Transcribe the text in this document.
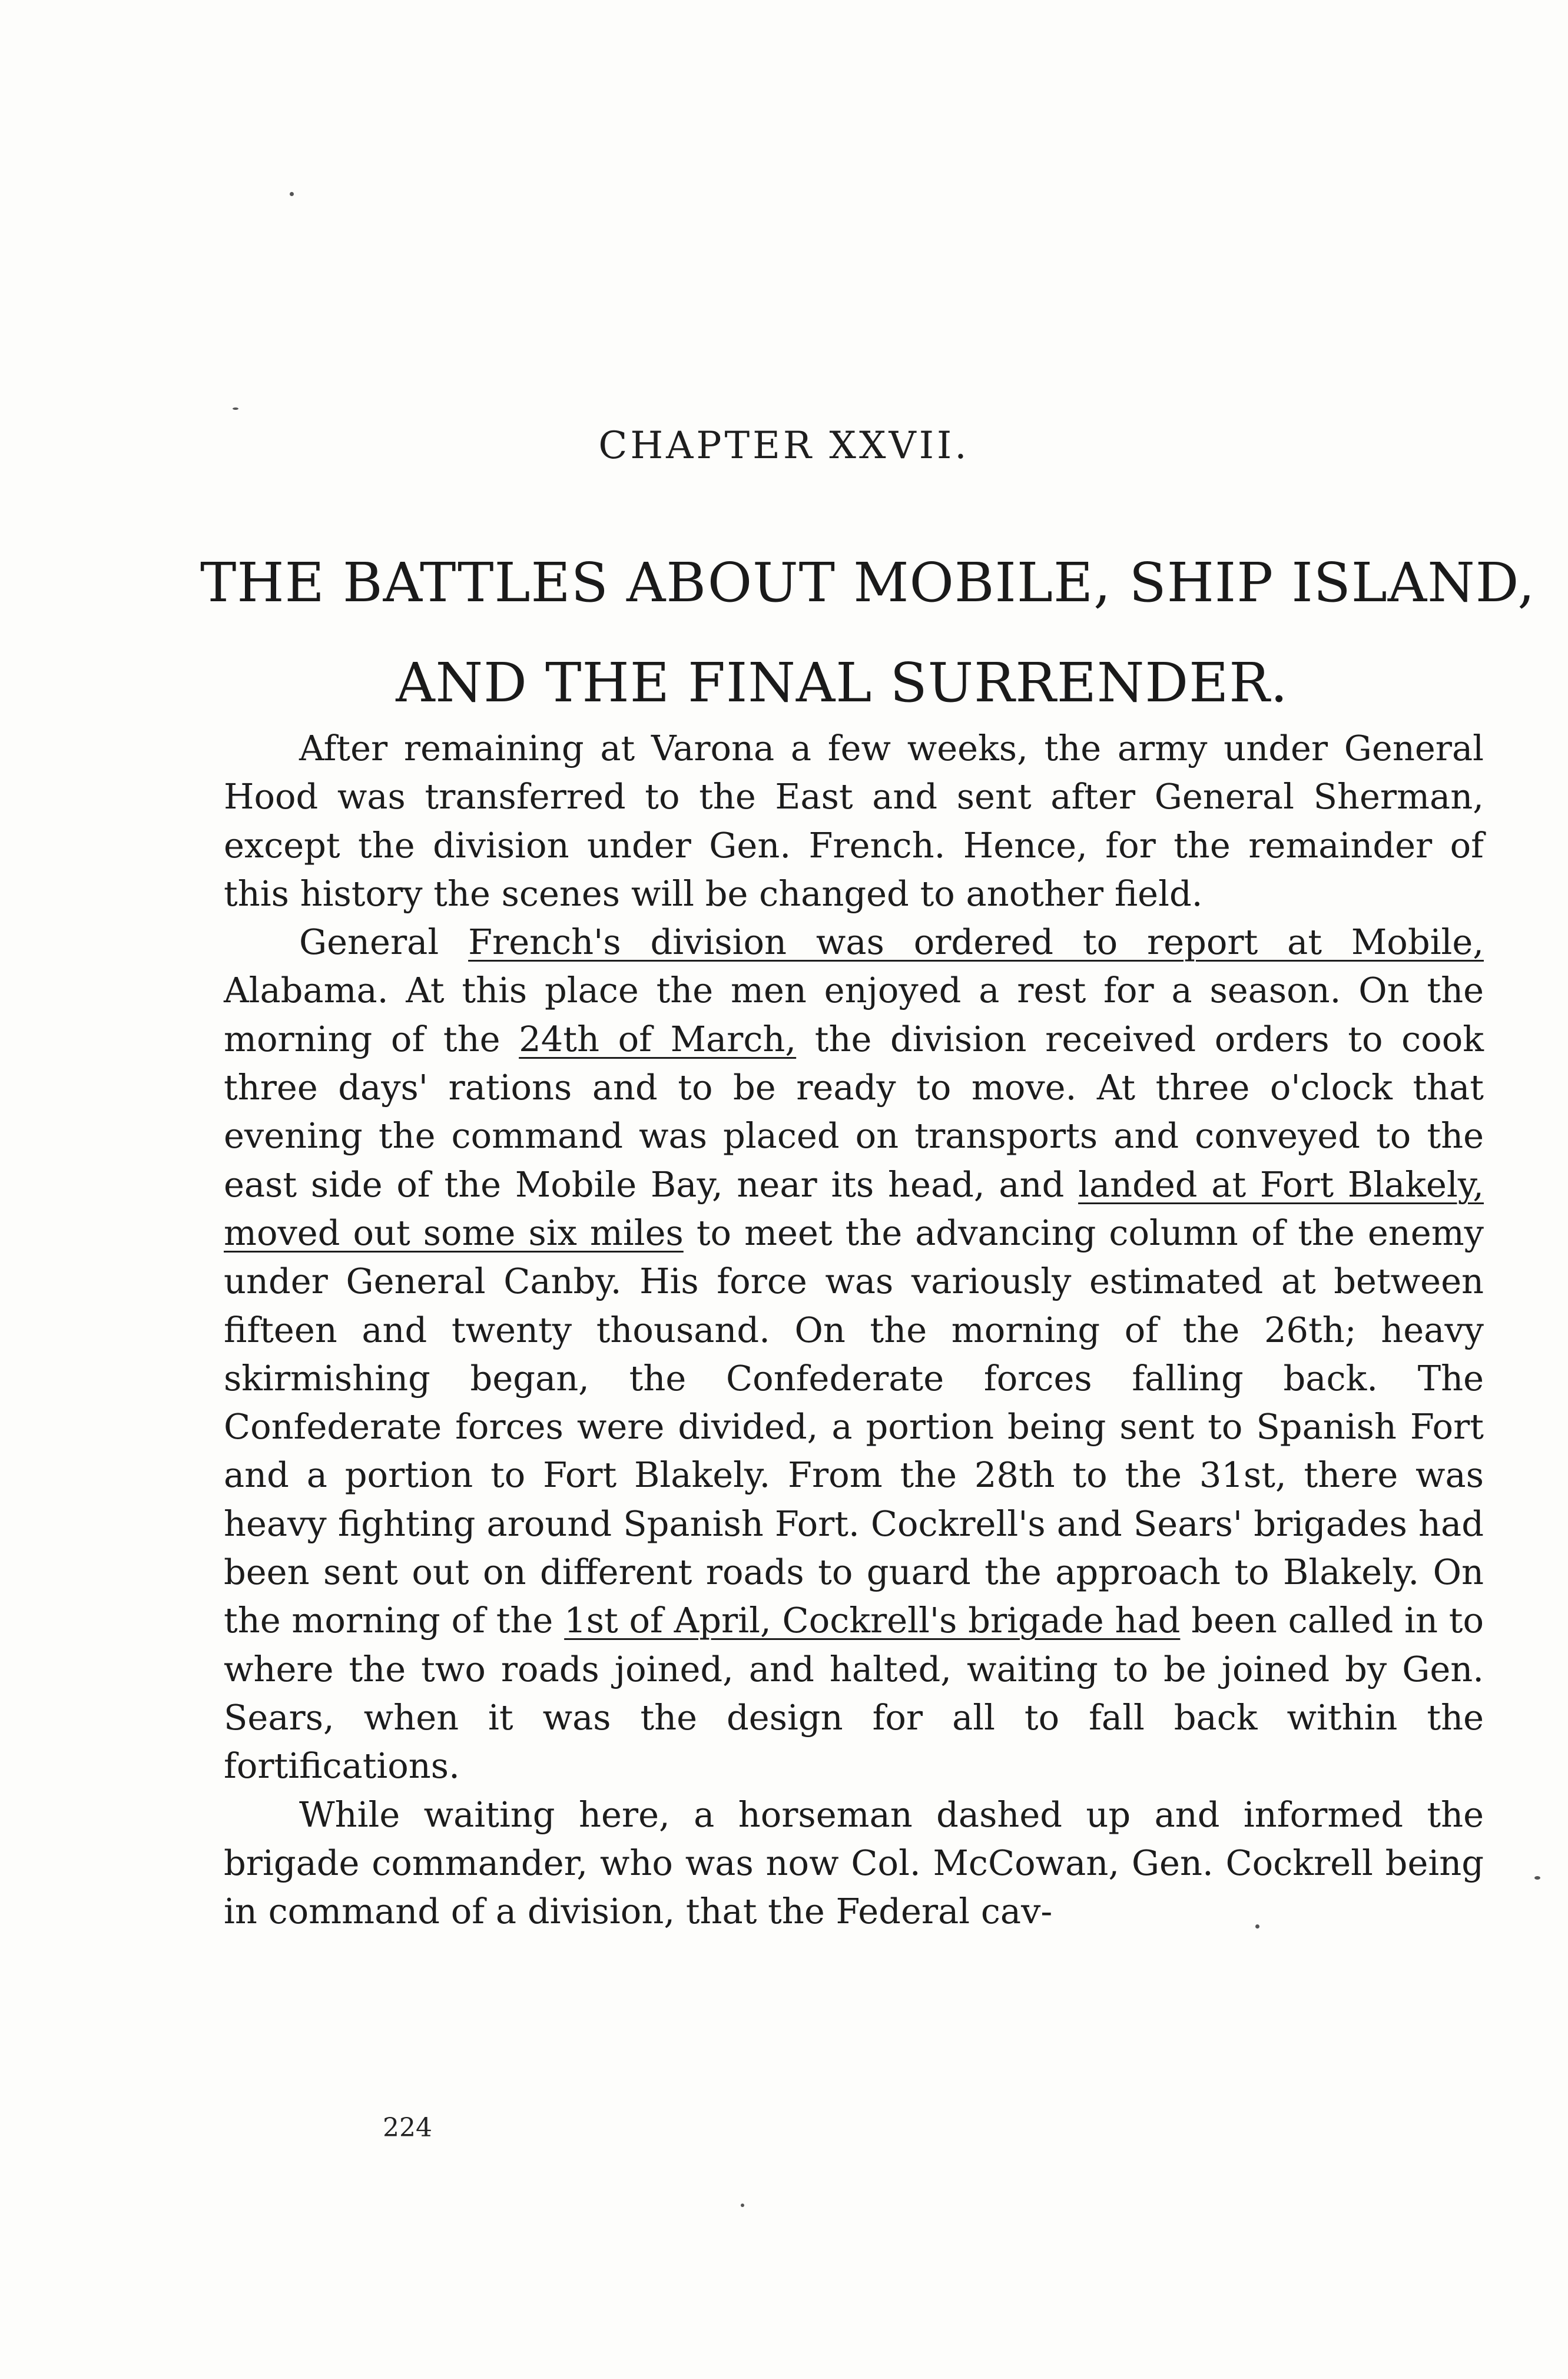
CHAPTER XXVII.
THE BATTLES ABOUT MOBILE, SHIP ISLAND,
AND THE FINAL SURRENDER.

After remaining at Varona a few weeks, the army under General Hood was transferred to the East and sent after General Sherman, except the division under Gen. French. Hence, for the remainder of this history the scenes will be changed to another field.

General French's division was ordered to report at Mobile, Alabama. At this place the men enjoyed a rest for a season. On the morning of the 24th of March, the division received orders to cook three days' rations and to be ready to move. At three o'clock that evening the command was placed on transports and conveyed to the east side of the Mobile Bay, near its head, and landed at Fort Blakely, moved out some six miles to meet the advancing column of the enemy under General Canby. His force was variously estimated at between fifteen and twenty thousand. On the morning of the 26th; heavy skirmishing began, the Confederate forces falling back. The Confederate forces were divided, a portion being sent to Spanish Fort and a portion to Fort Blakely. From the 28th to the 31st, there was heavy fighting around Spanish Fort. Cockrell's and Sears' brigades had been sent out on different roads to guard the approach to Blakely. On the morning of the 1st of April, Cockrell's brigade had been called in to where the two roads joined, and halted, waiting to be joined by Gen. Sears, when it was the design for all to fall back within the fortifications.

While waiting here, a horseman dashed up and informed the brigade commander, who was now Col. McCowan, Gen. Cockrell being in command of a division, that the Federal cav-

224
